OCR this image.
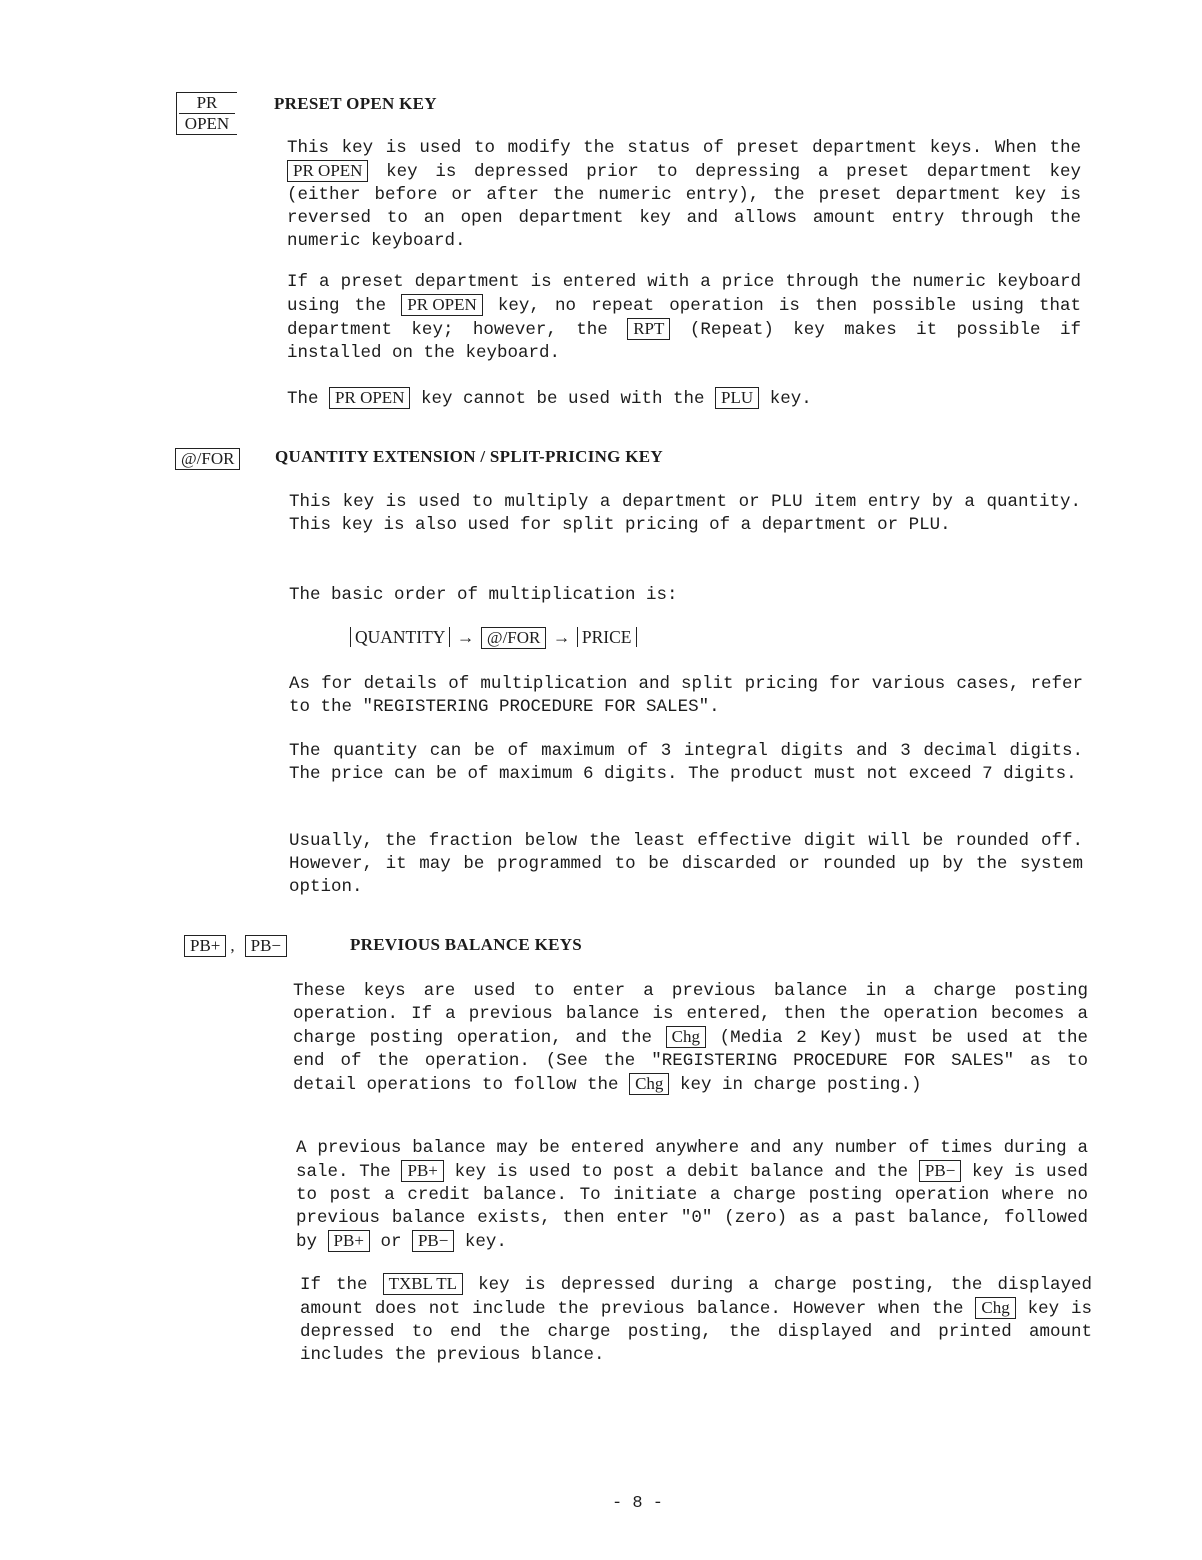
PR
OPEN
PRESET OPEN KEY

This key is used to modify the status of preset department keys. When the PR OPEN key is depressed prior to depressing a preset department key (either before or after the numeric entry), the preset department key is reversed to an open department key and allows amount entry through the numeric keyboard.

If a preset department is entered with a price through the numeric keyboard using the PR OPEN key, no repeat operation is then possible using that department key; however, the RPT (Repeat) key makes it possible if installed on the keyboard.

The PR OPEN key cannot be used with the PLU key.

@/FOR	QUANTITY EXTENSION / SPLIT-PRICING KEY

This key is used to multiply a department or PLU item entry by a quantity. This key is also used for split pricing of a department or PLU.

The basic order of multiplication is:

QUANTITY → @/FOR → PRICE

As for details of multiplication and split pricing for various cases, refer to the "REGISTERING PROCEDURE FOR SALES".

The quantity can be of maximum of 3 integral digits and 3 decimal digits. The price can be of maximum 6 digits. The product must not exceed 7 digits.

Usually, the fraction below the least effective digit will be rounded off. However, it may be programmed to be discarded or rounded up by the system option.

PB+ , PB−	PREVIOUS BALANCE KEYS

These keys are used to enter a previous balance in a charge posting operation. If a previous balance is entered, then the operation becomes a charge posting operation, and the Chg (Media 2 Key) must be used at the end of the operation. (See the "REGISTERING PROCEDURE FOR SALES" as to detail operations to follow the Chg key in charge posting.)

A previous balance may be entered anywhere and any number of times during a sale. The PB+ key is used to post a debit balance and the PB− key is used to post a credit balance. To initiate a charge posting operation where no previous balance exists, then enter "0" (zero) as a past balance, followed by PB+ or PB− key.

If the TXBL TL key is depressed during a charge posting, the displayed amount does not include the previous balance. However when the Chg key is depressed to end the charge posting, the displayed and printed amount includes the previous blance.

- 8 -
